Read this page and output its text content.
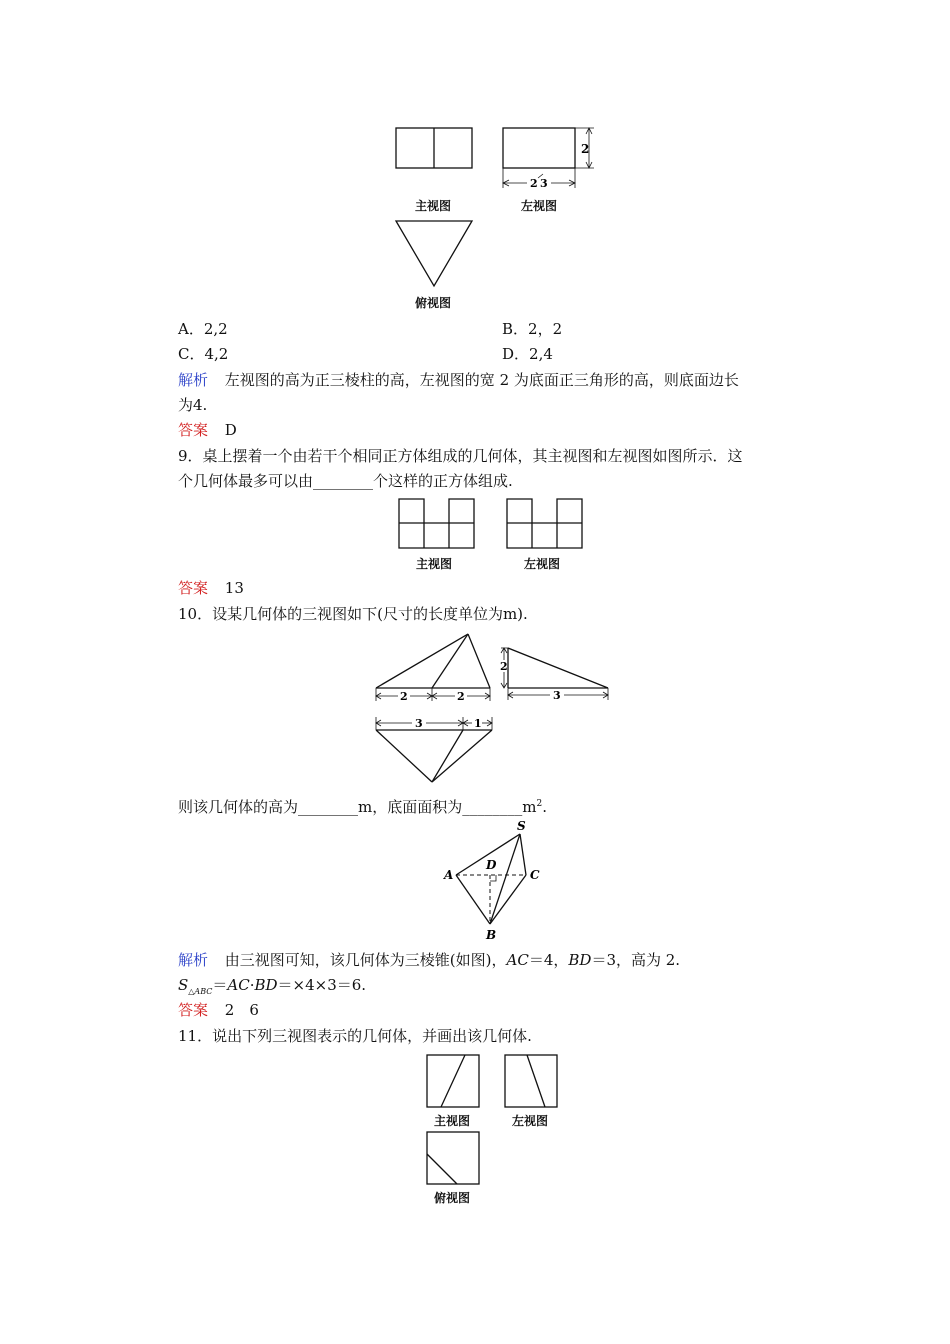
2
2 3
主视图	左视图
俯视图
A．2,2	B．2，2
C．4,2	D．2,4
解析 左视图的高为正三棱柱的高，左视图的宽 2 为底面正三角形的高，则底面边长
为4.
答案 D
9．桌上摆着一个由若干个相同正方体组成的几何体，其主视图和左视图如图所示．这
个几何体最多可以由________个这样的正方体组成.
主视图	左视图
答案 13
10．设某几何体的三视图如下(尺寸的长度单位为m).
2	2
2
3
3	1
则该几何体的高为________m，底面面积为$\_\_\_\_\_\_\_\_m^2$.
S
D
A	C
B
解析 由三视图可知，该几何体为三棱锥(如图)，AC＝4，BD＝3，高为 2.
$S_{\triangle ABC}=AC\cdot BD=\times 4\times 3=6$.
答案 2　6
11．说出下列三视图表示的几何体，并画出该几何体.
主视图	左视图
俯视图
